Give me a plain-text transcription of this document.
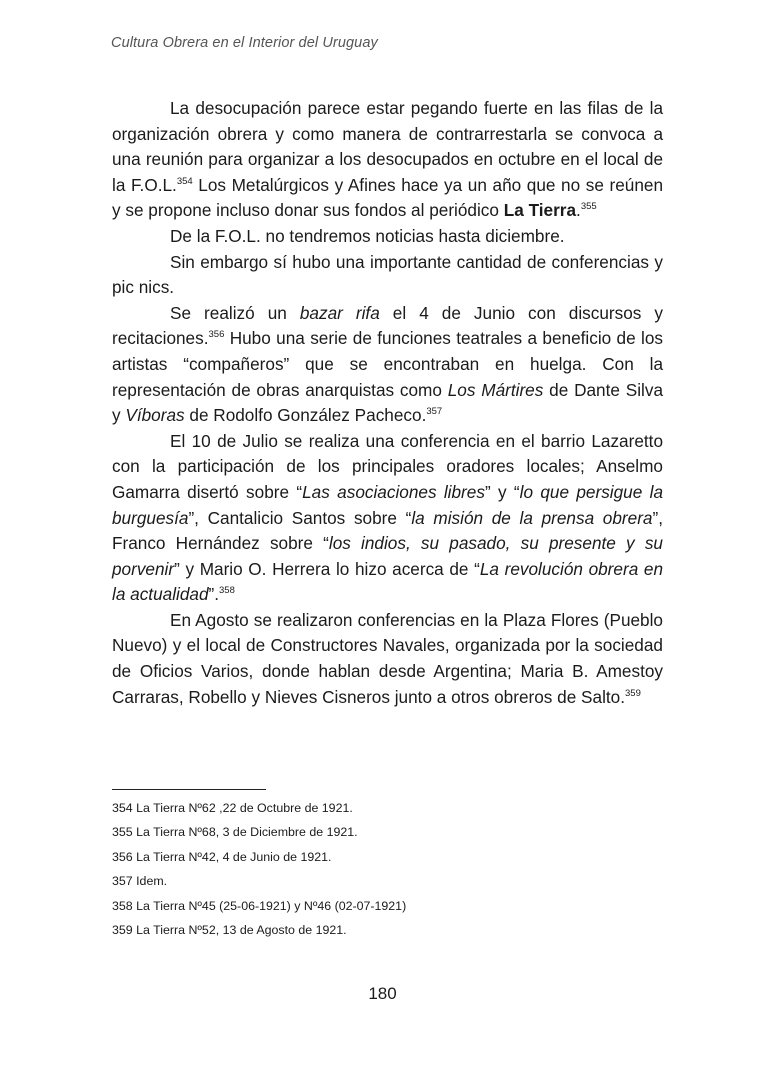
Cultura Obrera en el Interior del Uruguay

La desocupación parece estar pegando fuerte en las filas de la organización obrera y como manera de contrarrestarla se convoca a una reunión para organizar a los desocupados en octubre en el local de la F.O.L.$^{354}$ Los Metalúrgicos y Afines hace ya un año que no se reúnen y se propone incluso donar sus fondos al periódico La Tierra.$^{355}$

De la F.O.L. no tendremos noticias hasta diciembre.

Sin embargo sí hubo una importante cantidad de conferencias y pic nics.

Se realizó un bazar rifa el 4 de Junio con discursos y recitaciones.$^{356}$ Hubo una serie de funciones teatrales a beneficio de los artistas “compañeros” que se encontraban en huelga. Con la representación de obras anarquistas como Los Mártires de Dante Silva y Víboras de Rodolfo González Pacheco.$^{357}$

El 10 de Julio se realiza una conferencia en el barrio Lazaretto con la participación de los principales oradores locales; Anselmo Gamarra disertó sobre “Las asociaciones libres” y “lo que persigue la burguesía”, Cantalicio Santos sobre “la misión de la prensa obrera”, Franco Hernández sobre “los indios, su pasado, su presente y su porvenir” y Mario O. Herrera lo hizo acerca de “La revolución obrera en la actualidad”.$^{358}$

En Agosto se realizaron conferencias en la Plaza Flores (Pueblo Nuevo) y el local de Constructores Navales, organizada por la sociedad de Oficios Varios, donde hablan desde Argentina; Maria B. Amestoy Carraras, Robello y Nieves Cisneros junto a otros obreros de Salto.$^{359}$

354 La Tierra Nº62 ,22 de Octubre de 1921.
355 La Tierra Nº68, 3 de Diciembre de 1921.
356 La Tierra Nº42, 4 de Junio de 1921.
357 Idem.
358 La Tierra Nº45 (25-06-1921) y Nº46 (02-07-1921)
359 La Tierra Nº52, 13 de Agosto de 1921.
180
